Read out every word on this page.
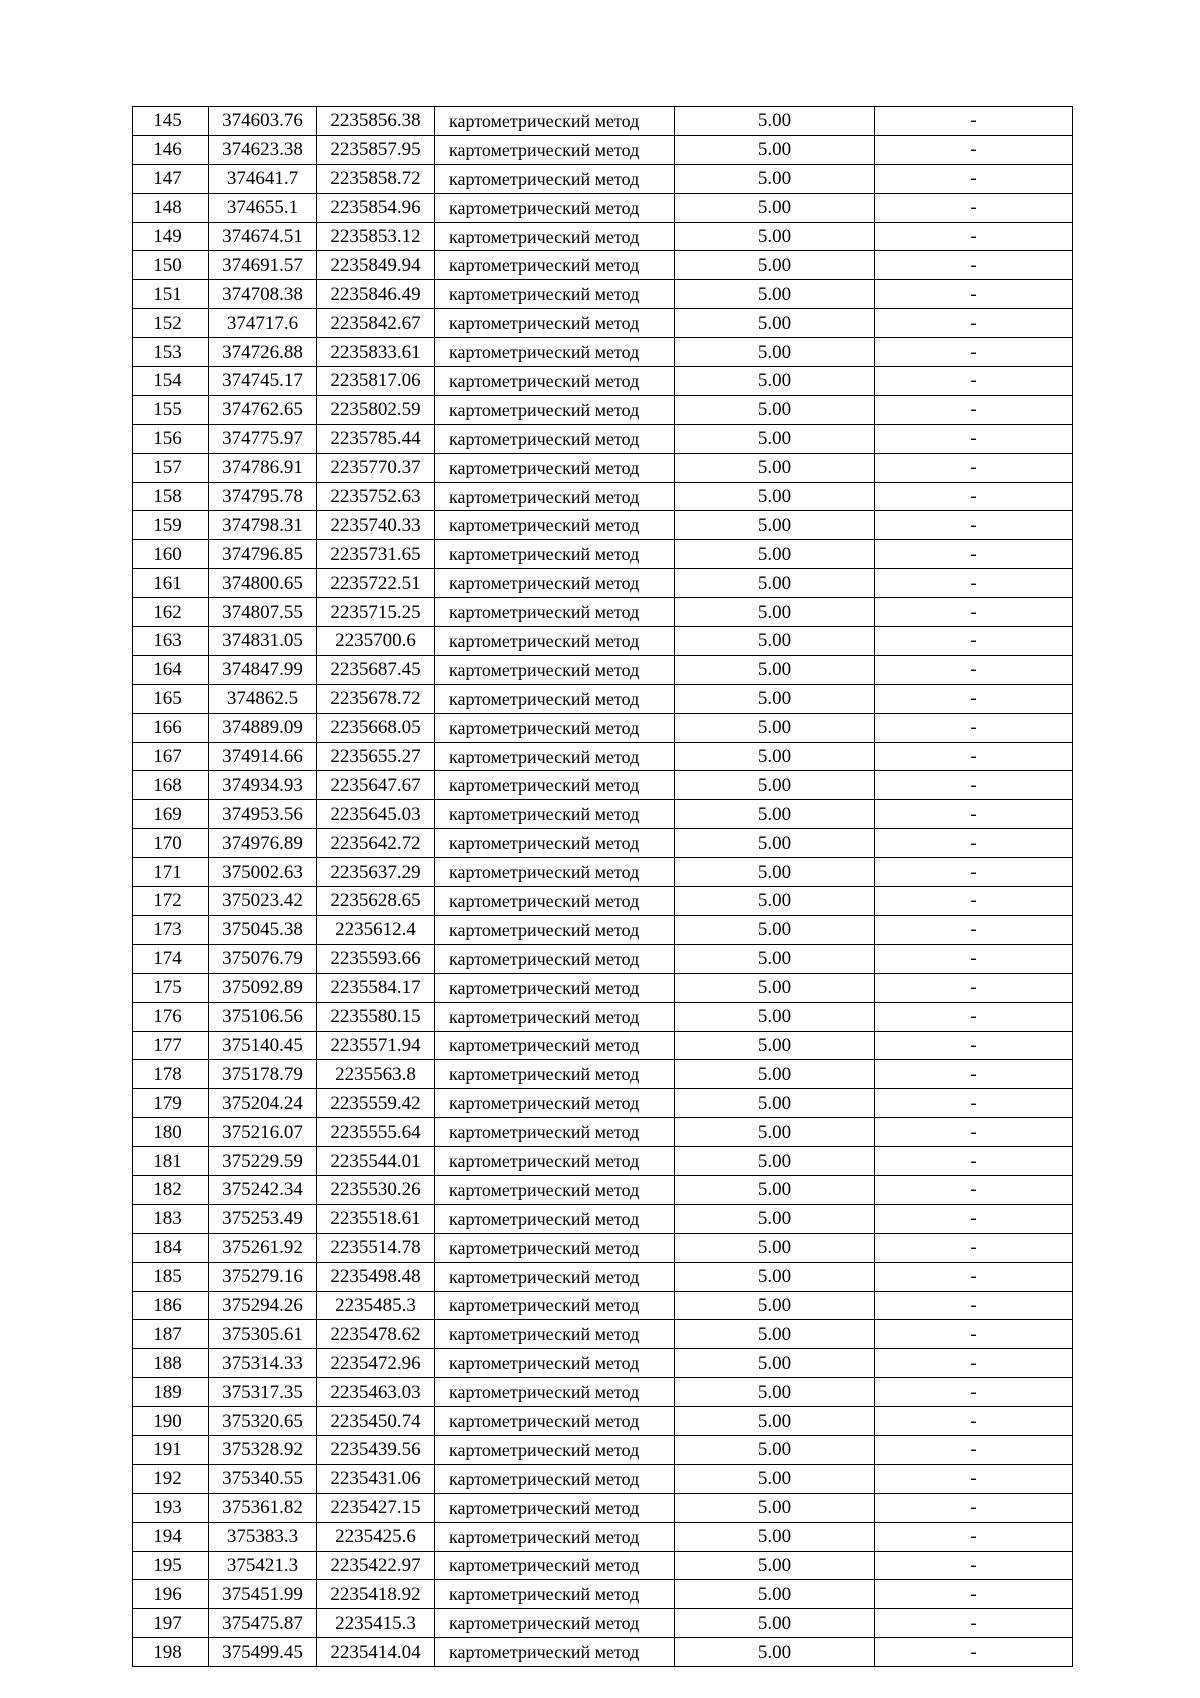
145	374603.76	2235856.38	картометрический метод	5.00	-
146	374623.38	2235857.95	картометрический метод	5.00	-
147	374641.7	2235858.72	картометрический метод	5.00	-
148	374655.1	2235854.96	картометрический метод	5.00	-
149	374674.51	2235853.12	картометрический метод	5.00	-
150	374691.57	2235849.94	картометрический метод	5.00	-
151	374708.38	2235846.49	картометрический метод	5.00	-
152	374717.6	2235842.67	картометрический метод	5.00	-
153	374726.88	2235833.61	картометрический метод	5.00	-
154	374745.17	2235817.06	картометрический метод	5.00	-
155	374762.65	2235802.59	картометрический метод	5.00	-
156	374775.97	2235785.44	картометрический метод	5.00	-
157	374786.91	2235770.37	картометрический метод	5.00	-
158	374795.78	2235752.63	картометрический метод	5.00	-
159	374798.31	2235740.33	картометрический метод	5.00	-
160	374796.85	2235731.65	картометрический метод	5.00	-
161	374800.65	2235722.51	картометрический метод	5.00	-
162	374807.55	2235715.25	картометрический метод	5.00	-
163	374831.05	2235700.6	картометрический метод	5.00	-
164	374847.99	2235687.45	картометрический метод	5.00	-
165	374862.5	2235678.72	картометрический метод	5.00	-
166	374889.09	2235668.05	картометрический метод	5.00	-
167	374914.66	2235655.27	картометрический метод	5.00	-
168	374934.93	2235647.67	картометрический метод	5.00	-
169	374953.56	2235645.03	картометрический метод	5.00	-
170	374976.89	2235642.72	картометрический метод	5.00	-
171	375002.63	2235637.29	картометрический метод	5.00	-
172	375023.42	2235628.65	картометрический метод	5.00	-
173	375045.38	2235612.4	картометрический метод	5.00	-
174	375076.79	2235593.66	картометрический метод	5.00	-
175	375092.89	2235584.17	картометрический метод	5.00	-
176	375106.56	2235580.15	картометрический метод	5.00	-
177	375140.45	2235571.94	картометрический метод	5.00	-
178	375178.79	2235563.8	картометрический метод	5.00	-
179	375204.24	2235559.42	картометрический метод	5.00	-
180	375216.07	2235555.64	картометрический метод	5.00	-
181	375229.59	2235544.01	картометрический метод	5.00	-
182	375242.34	2235530.26	картометрический метод	5.00	-
183	375253.49	2235518.61	картометрический метод	5.00	-
184	375261.92	2235514.78	картометрический метод	5.00	-
185	375279.16	2235498.48	картометрический метод	5.00	-
186	375294.26	2235485.3	картометрический метод	5.00	-
187	375305.61	2235478.62	картометрический метод	5.00	-
188	375314.33	2235472.96	картометрический метод	5.00	-
189	375317.35	2235463.03	картометрический метод	5.00	-
190	375320.65	2235450.74	картометрический метод	5.00	-
191	375328.92	2235439.56	картометрический метод	5.00	-
192	375340.55	2235431.06	картометрический метод	5.00	-
193	375361.82	2235427.15	картометрический метод	5.00	-
194	375383.3	2235425.6	картометрический метод	5.00	-
195	375421.3	2235422.97	картометрический метод	5.00	-
196	375451.99	2235418.92	картометрический метод	5.00	-
197	375475.87	2235415.3	картометрический метод	5.00	-
198	375499.45	2235414.04	картометрический метод	5.00	-
